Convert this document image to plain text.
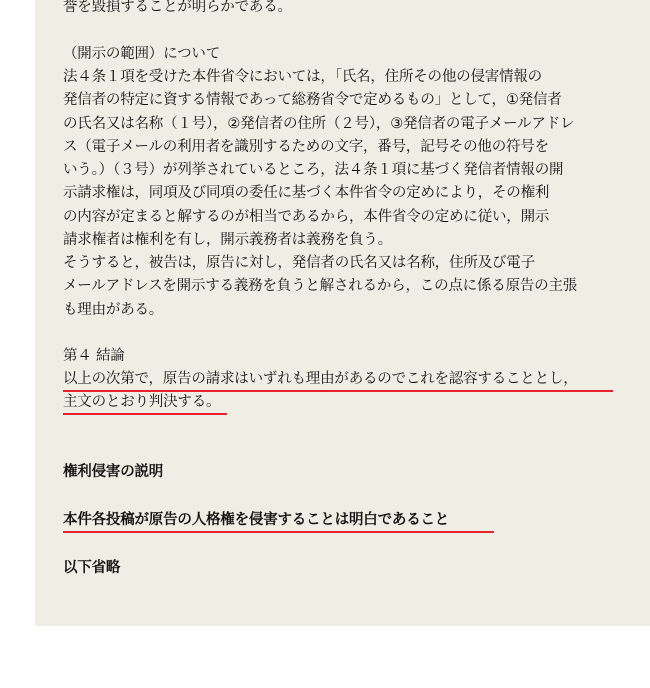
誉を毀損することが明らかである。
（開示の範囲）について
法４条１項を受けた本件省令においては，「氏名，住所その他の侵害情報の
発信者の特定に資する情報であって総務省令で定めるもの」として，①発信者
の氏名又は名称（１号），②発信者の住所（２号），③発信者の電子メールアドレ
ス（電子メールの利用者を識別するための文字，番号，記号その他の符号を
いう。）（３号）が列挙されているところ，法４条１項に基づく発信者情報の開
示請求権は，同項及び同項の委任に基づく本件省令の定めにより，その権利
の内容が定まると解するのが相当であるから，本件省令の定めに従い，開示
請求権者は権利を有し，開示義務者は義務を負う。
そうすると，被告は，原告に対し，発信者の氏名又は名称，住所及び電子
メールアドレスを開示する義務を負うと解されるから，この点に係る原告の主張
も理由がある。
第４ 結論
以上の次第で，原告の請求はいずれも理由があるのでこれを認容することとし，
主文のとおり判決する。
権利侵害の説明
本件各投稿が原告の人格権を侵害することは明白であること
以下省略
